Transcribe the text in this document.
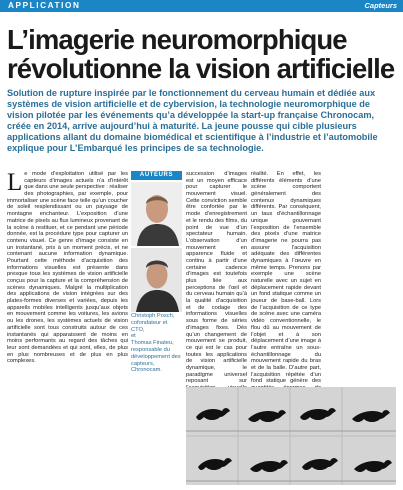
APPLICATION	Capteurs
L’imagerie neuromorphique
révolutionne la vision artificielle

Solution de rupture inspirée par le fonctionnement du cerveau humain et dédiée aux systèmes de vision artificielle et de cybervision, la technologie neuromorphique de vision pilotée par les événements qu’a développée la start-up française Chronocam, créée en 2014, arrive aujourd’hui à maturité. La jeune pousse qui cible plusieurs applications allant du domaine biomédical et scientifique à l’industrie et l’automobile explique pour L’Embarqué les principes de sa technologie.

L e mode d’exploitation utilisé par les capteurs d’images actuels n’a d’intérêt que dans une seule perspective : réaliser des photographies, par exemple, pour immortaliser une scène face telle qu’un coucher de soleil resplendissant ou un paysage de montagne enchanteur. L’exposition d’une matrice de pixels au flux lumineux provenant de la scène à restituer, et ce pendant une période donnée, est la procédure type pour capturer un contenu visuel. Ce genre d’image consiste en un instantané, pris à un moment précis, et ne contenant aucune information dynamique. Pourtant cette méthode d’acquisition des informations visuelles est présente dans presque tous les systèmes de vision artificielle conçus pour la capture et la compréhension de scènes dynamiques. Malgré la multiplication des applications de vision intégrées sur des plates-formes diverses et variées, depuis les appareils mobiles intelligents jusqu’aux objets en mouvement comme les voitures, les avions ou les drones, les systèmes actuels de vision artificielle sont tous construits autour de ces instantanés qui apparaissent de moins en moins performants au regard des tâches qui leur sont demandées et qui sont, elles, de plus en plus nombreuses et de plus en plus complexes.
AUTEURS

Christoph Posch,

cofondateur et CTO,

et

Thomas Finateu,

responsable du développement des capteurs, Chronocam.

succession d’images est un moyen efficace pour capturer le mouvement visuel. Cette conviction semble être confortée par le mode d’enregistrement et le rendu des films, du point de vue d’un spectateur humain. L’observation d’un mouvement en apparence fluide et continu à partir d’une certaine cadence d’images est toutefois plus liée aux perceptions de l’œil et du cerveau humain qu’à la qualité d’acquisition et de codage des informations visuelles sous forme de séries d’images fixes. Dès qu’un changement de mouvement se produit, ce qui est le cas pour toutes les applications de vision artificielle dynamique, le paradigme universel reposant sur

réalité. En effet, les différents éléments d’une scène comportent généralement des contenus dynamiques différents. Par conséquent, un taux d’échantillonnage unique gouvernant l’exposition de l’ensemble des pixels d’une matrice d’imagerie ne pourra pas assurer l’acquisition adéquate des différentes dynamiques à l’œuvre en même temps. Prenons par exemple une scène naturelle avec un sujet en déplacement rapide devant un fond statique comme un joueur de base-ball. Lors de l’acquisition de ce type de scène avec une caméra vidéo conventionnelle, le flou dû au mouvement de l’objet et à son déplacement d’une image à l’autre entraîne un sous-échantillonnage du mouvement rapide du bras et de la balle. D’autre part, l’acquisition répétée d’un fond statique génère des
